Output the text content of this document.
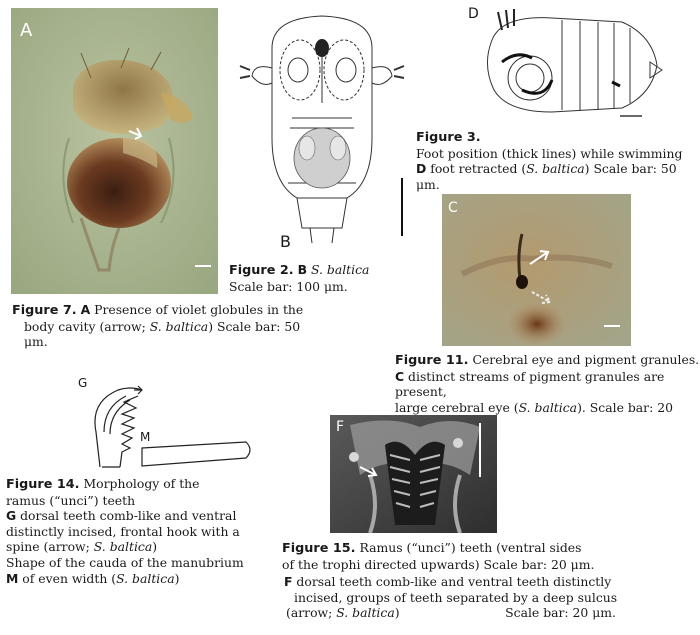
A
Figure 7. A Presence of violet globules in the
body cavity (arrow; S. baltica) Scale bar: 50 μm.
B
Figure 2. B S. baltica
Scale bar: 100 μm.
D
Figure 3.
Foot position (thick lines) while swimming
D foot retracted (S. baltica) Scale bar: 50 μm.
C
Figure 11. Cerebral eye and pigment granules.
C distinct streams of pigment granules are present,
large cerebral eye (S. baltica). Scale bar: 20
G
M
Figure 14. Morphology of the
ramus (“unci”) teeth
G dorsal teeth comb-like and ventral
distinctly incised, frontal hook with a
spine (arrow; S. baltica)
Shape of the cauda of the manubrium
M of even width (S. baltica)
F
Figure 15. Ramus (“unci”) teeth (ventral sides
of the trophi directed upwards) Scale bar: 20 μm.
F dorsal teeth comb-like and ventral teeth distinctly
incised, groups of teeth separated by a deep sulcus
(arrow; S. baltica)	Scale bar: 20 μm.
